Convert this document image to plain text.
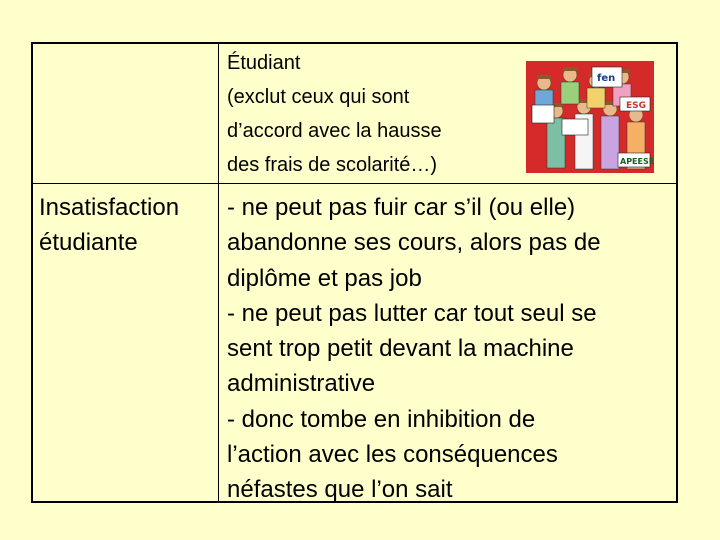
Étudiant
(exclut ceux qui sont
d’accord avec la hausse
des frais de scolarité…)
fen
ESG
APEESE
Insatisfaction
étudiante
- ne peut pas fuir car s’il (ou elle)
abandonne ses cours, alors pas de
diplôme et pas job
- ne peut pas lutter car tout seul se
sent trop petit devant la machine
administrative
- donc tombe en inhibition de
l’action avec les conséquences
néfastes que l’on sait
